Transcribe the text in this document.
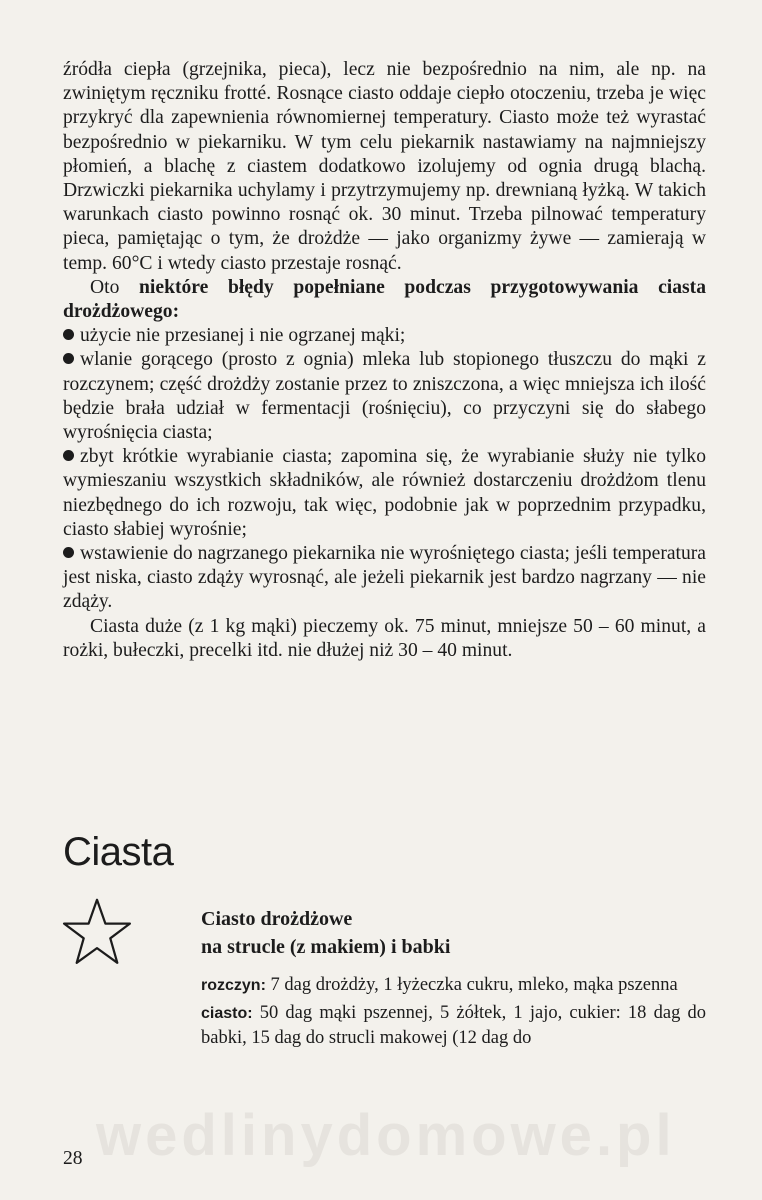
wedlinydomowe.pl

źródła ciepła (grzejnika, pieca), lecz nie bezpośrednio na nim, ale np. na zwiniętym ręczniku frotté. Rosnące ciasto oddaje ciepło otoczeniu, trzeba je więc przykryć dla zapewnienia równomiernej temperatury. Ciasto może też wyrastać bezpośrednio w piekarniku. W tym celu piekarnik nastawiamy na najmniejszy płomień, a blachę z ciastem dodatkowo izolujemy od ognia drugą blachą. Drzwiczki piekarnika uchylamy i przytrzymujemy np. drewnianą łyżką. W takich warunkach ciasto powinno rosnąć ok. 30 minut. Trzeba pilnować temperatury pieca, pamiętając o tym, że drożdże — jako organizmy żywe — zamierają w temp. 60°C i wtedy ciasto przestaje rosnąć.

Oto niektóre błędy popełniane podczas przygotowywania ciasta drożdżowego:

użycie nie przesianej i nie ogrzanej mąki;

wlanie gorącego (prosto z ognia) mleka lub stopionego tłuszczu do mąki z rozczynem; część drożdży zostanie przez to zniszczona, a więc mniejsza ich ilość będzie brała udział w fermentacji (rośnięciu), co przyczyni się do słabego wyrośnięcia ciasta;

zbyt krótkie wyrabianie ciasta; zapomina się, że wyrabianie służy nie tylko wymieszaniu wszystkich składników, ale również dostarczeniu drożdżom tlenu niezbędnego do ich rozwoju, tak więc, podobnie jak w poprzednim przypadku, ciasto słabiej wyrośnie;

wstawienie do nagrzanego piekarnika nie wyrośniętego ciasta; jeśli temperatura jest niska, ciasto zdąży wyrosnąć, ale jeżeli piekarnik jest bardzo nagrzany — nie zdąży.

Ciasta duże (z 1 kg mąki) pieczemy ok. 75 minut, mniejsze 50 – 60 minut, a rożki, bułeczki, precelki itd. nie dłużej niż 30 – 40 minut.

Ciasta

Ciasto drożdżowe

na strucle (z makiem) i babki

rozczyn: 7 dag drożdży, 1 łyżeczka cukru, mleko, mąka pszenna

ciasto: 50 dag mąki pszennej, 5 żółtek, 1 jajo, cukier: 18 dag do babki, 15 dag do strucli makowej (12 dag do

28
